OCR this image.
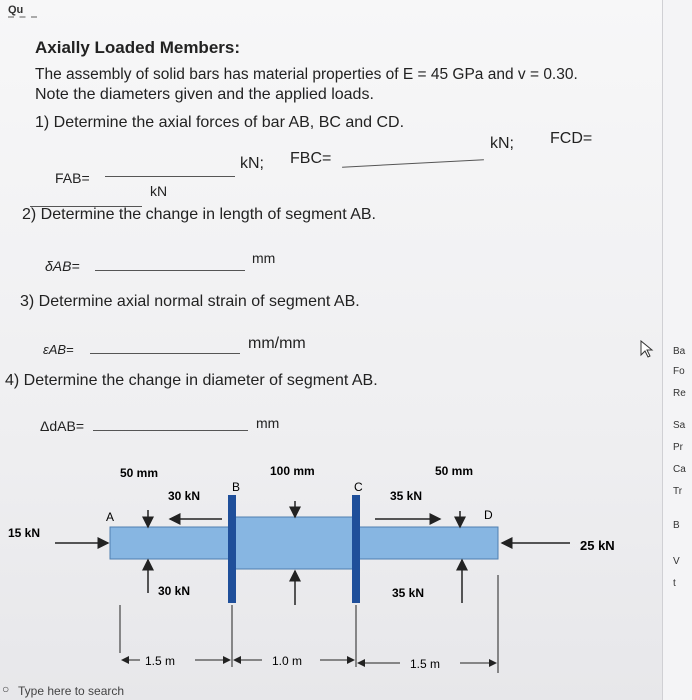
Qu
Axially Loaded Members:
The assembly of solid bars has material properties of E = 45 GPa and v = 0.30.
Note the diameters given and the applied loads.
1) Determine the axial forces of bar AB, BC and CD.
FAB=
kN; FBC=
kN; FCD=
kN
2) Determine the change in length of segment AB.
δAB=	mm
3) Determine axial normal strain of segment AB.
εAB=	mm/mm
4) Determine the change in diameter of segment AB.
ΔdAB=	mm
50 mm	100 mm	50 mm
A
B	C
D
15 kN
30 kN	35 kN
30 kN	35 kN
25 kN
1.5 m	1.0 m	1.5 m
○ Type here to search
Ba
Fo
Re
Sa
Pr
Ca
Tr
B
V
t
